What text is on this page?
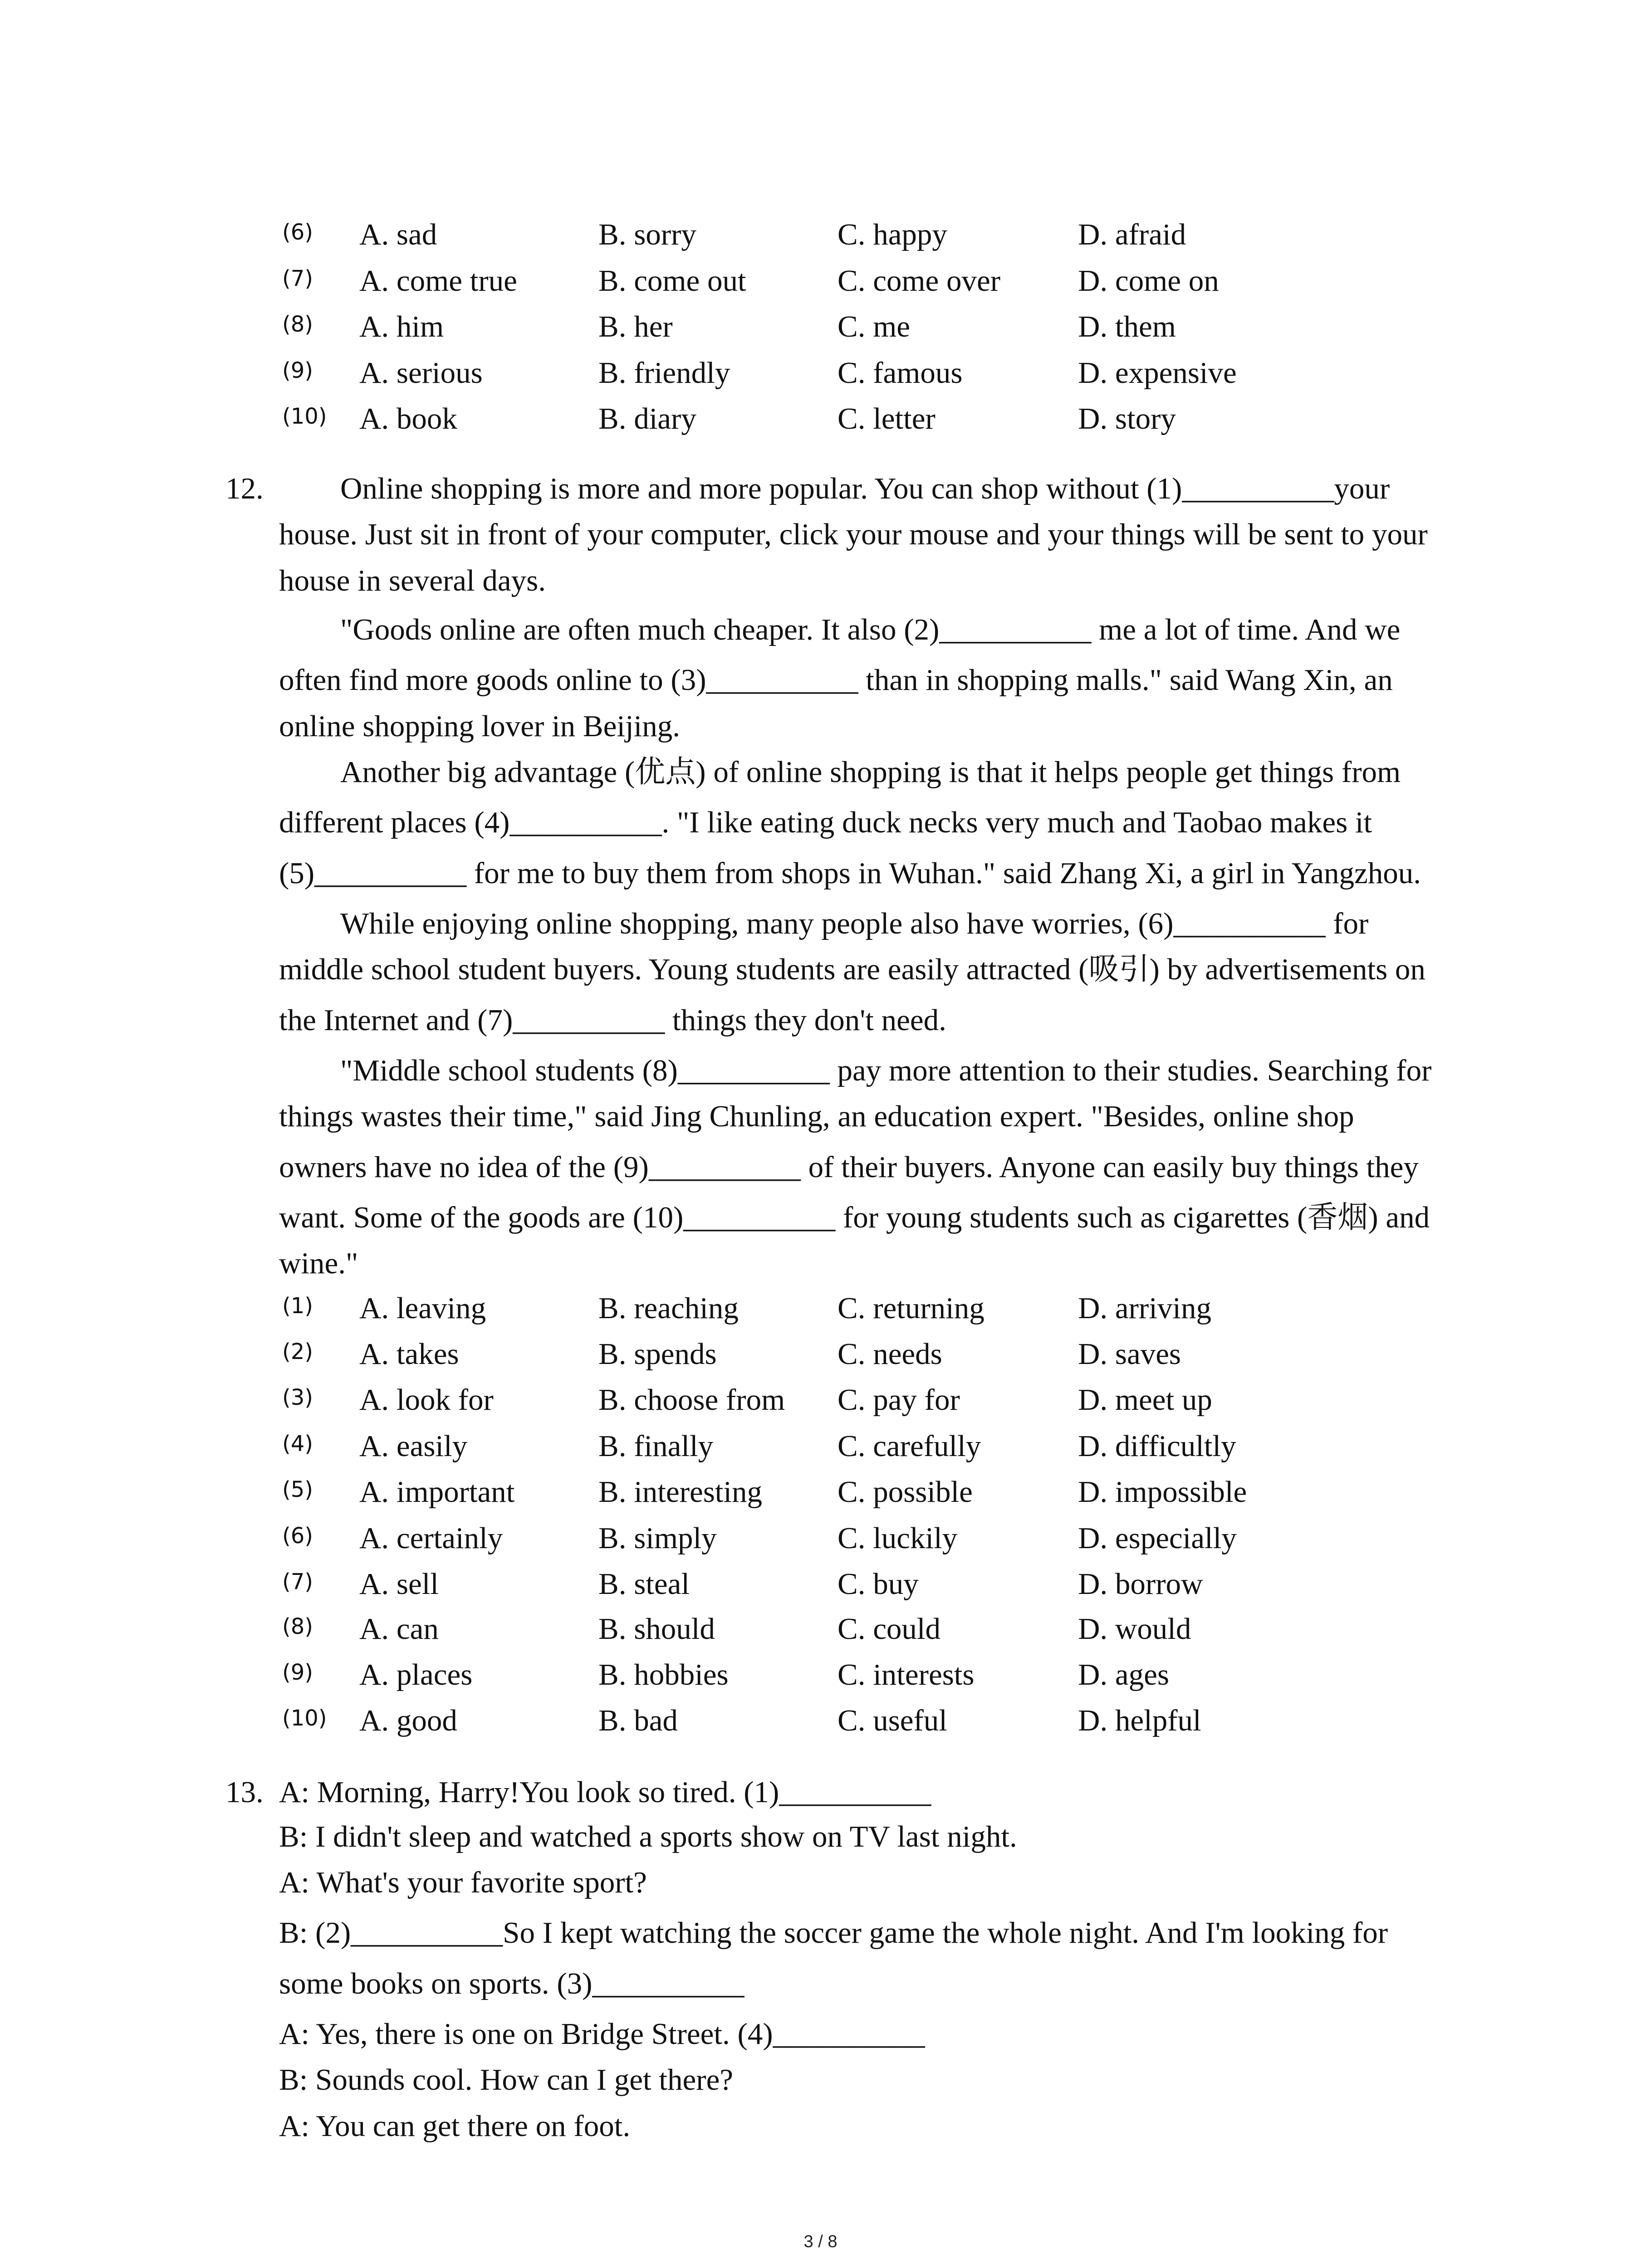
(6) A. sad	B. sorry	C. happy	D. afraid
(7) A. come true	B. come out	C. come over	D. come on
(8) A. him	B. her	C. me	D. them
(9) A. serious	B. friendly	C. famous	D. expensive
(10) A. book	B. diary	C. letter	D. story
12.	Online shopping is more and more popular. You can shop without (1)__________your
house. Just sit in front of your computer, click your mouse and your things will be sent to your
house in several days.
"Goods online are often much cheaper. It also (2)__________ me a lot of time. And we
often find more goods online to (3)__________ than in shopping malls." said Wang Xin, an
online shopping lover in Beijing.
Another big advantage (优点) of online shopping is that it helps people get things from
different places (4)__________. "I like eating duck necks very much and Taobao makes it
(5)__________ for me to buy them from shops in Wuhan." said Zhang Xi, a girl in Yangzhou.
While enjoying online shopping, many people also have worries, (6)__________ for
middle school student buyers. Young students are easily attracted (吸引) by advertisements on
the Internet and (7)__________ things they don't need.
"Middle school students (8)__________ pay more attention to their studies. Searching for
things wastes their time," said Jing Chunling, an education expert. "Besides, online shop
owners have no idea of the (9)__________ of their buyers. Anyone can easily buy things they
want. Some of the goods are (10)__________ for young students such as cigarettes (香烟) and
wine."
(1) A. leaving	B. reaching	C. returning	D. arriving
(2) A. takes	B. spends	C. needs	D. saves
(3) A. look for	B. choose from C. pay for	D. meet up
(4) A. easily	B. finally	C. carefully	D. difficultly
(5) A. important	B. interesting C. possible	D. impossible
(6) A. certainly	B. simply	C. luckily	D. especially
(7) A. sell	B. steal	C. buy	D. borrow
(8) A. can	B. should	C. could	D. would
(9) A. places	B. hobbies	C. interests	D. ages
(10) A. good	B. bad	C. useful	D. helpful
13. A: Morning, Harry!You look so tired. (1)__________
B: I didn't sleep and watched a sports show on TV last night.
A: What's your favorite sport?
B: (2)__________So I kept watching the soccer game the whole night. And I'm looking for
some books on sports. (3)__________
A: Yes, there is one on Bridge Street. (4)__________
B: Sounds cool. How can I get there?
A: You can get there on foot.
3 / 8
